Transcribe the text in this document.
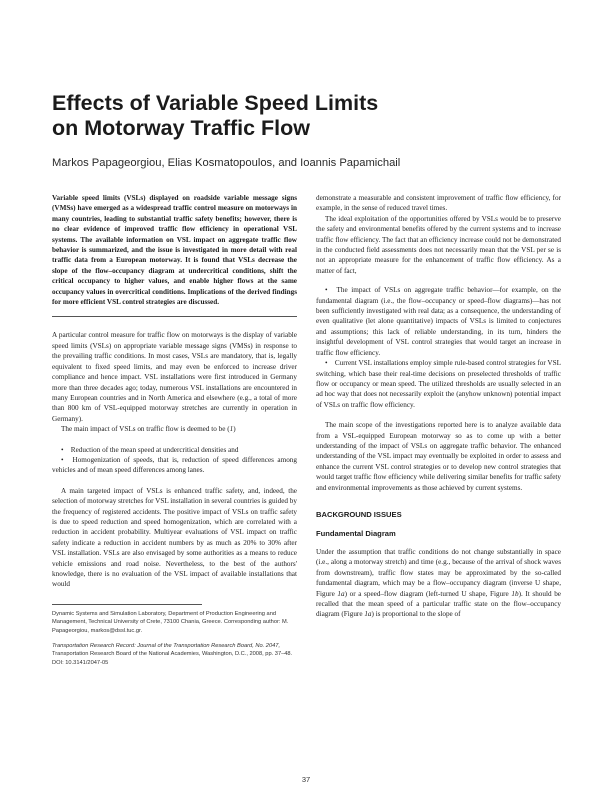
Effects of Variable Speed Limits
on Motorway Traffic Flow

Markos Papageorgiou, Elias Kosmatopoulos, and Ioannis Papamichail

Variable speed limits (VSLs) displayed on roadside variable message signs (VMSs) have emerged as a widespread traffic control measure on motorways in many countries, leading to substantial traffic safety benefits; however, there is no clear evidence of improved traffic flow efficiency in operational VSL systems. The available information on VSL impact on aggregate traffic flow behavior is summarized, and the issue is investigated in more detail with real traffic data from a European motorway. It is found that VSLs decrease the slope of the flow–occupancy diagram at undercritical conditions, shift the critical occupancy to higher values, and enable higher flows at the same occupancy values in overcritical conditions. Implications of the derived findings for more efficient VSL control strategies are discussed.

A particular control measure for traffic flow on motorways is the display of variable speed limits (VSLs) on appropriate variable message signs (VMSs) in response to the prevailing traffic conditions. In most cases, VSLs are mandatory, that is, legally equivalent to fixed speed limits, and may even be enforced to increase driver compliance and hence impact. VSL installations were first introduced in Germany more than three decades ago; today, numerous VSL installations are encountered in many European countries and in North America and elsewhere (e.g., a total of more than 800 km of VSL-equipped motorway stretches are currently in operation in Germany).

The main impact of VSLs on traffic flow is deemed to be (1)

• Reduction of the mean speed at undercritical densities and
• Homogenization of speeds, that is, reduction of speed differences among vehicles and of mean speed differences among lanes.

A main targeted impact of VSLs is enhanced traffic safety, and, indeed, the selection of motorway stretches for VSL installation in several countries is guided by the frequency of registered accidents. The positive impact of VSLs on traffic safety is due to speed reduction and speed homogenization, which are correlated with a reduction in accident probability. Multiyear evaluations of VSL impact on traffic safety indicate a reduction in accident numbers by as much as 20% to 30% after VSL installation. VSLs are also envisaged by some authorities as a means to reduce vehicle emissions and road noise. Nevertheless, to the best of the authors' knowledge, there is no evaluation of the VSL impact of available installations that would

Dynamic Systems and Simulation Laboratory, Department of Production Engineering and Management, Technical University of Crete, 73100 Chania, Greece. Corresponding author: M. Papageorgiou, markos@dssl.tuc.gr.

Transportation Research Record: Journal of the Transportation Research Board, No. 2047, Transportation Research Board of the National Academies, Washington, D.C., 2008, pp. 37–48.

DOI: 10.3141/2047-05

demonstrate a measurable and consistent improvement of traffic flow efficiency, for example, in the sense of reduced travel times.

The ideal exploitation of the opportunities offered by VSLs would be to preserve the safety and environmental benefits offered by the current systems and to increase traffic flow efficiency. The fact that an efficiency increase could not be demonstrated in the conducted field assessments does not necessarily mean that the VSL per se is not an appropriate measure for the enhancement of traffic flow efficiency. As a matter of fact,

• The impact of VSLs on aggregate traffic behavior—for example, on the fundamental diagram (i.e., the flow–occupancy or speed–flow diagrams)—has not been sufficiently investigated with real data; as a consequence, the understanding of even qualitative (let alone quantitative) impacts of VSLs is limited to conjectures and assumptions; this lack of reliable understanding, in its turn, hinders the insightful development of VSL control strategies that would target an increase in traffic flow efficiency.
• Current VSL installations employ simple rule-based control strategies for VSL switching, which base their real-time decisions on preselected thresholds of traffic flow or occupancy or mean speed. The utilized thresholds are usually selected in an ad hoc way that does not necessarily exploit the (anyhow unknown) potential impact of VSLs on traffic flow efficiency.

The main scope of the investigations reported here is to analyze available data from a VSL-equipped European motorway so as to come up with a better understanding of the impact of VSLs on aggregate traffic behavior. The enhanced understanding of the VSL impact may eventually be exploited in order to assess and enhance the current VSL control strategies or to develop new control strategies that would target traffic flow efficiency while delivering similar benefits for traffic safety and environmental improvements as those achieved by current systems.

BACKGROUND ISSUES

Fundamental Diagram

Under the assumption that traffic conditions do not change substantially in space (i.e., along a motorway stretch) and time (e.g., because of the arrival of shock waves from downstream), traffic flow states may be approximated by the so-called fundamental diagram, which may be a flow–occupancy diagram (inverse U shape, Figure 1a) or a speed–flow diagram (left-turned U shape, Figure 1b). It should be recalled that the mean speed of a particular traffic state on the flow–occupancy diagram (Figure 1a) is proportional to the slope of

37
